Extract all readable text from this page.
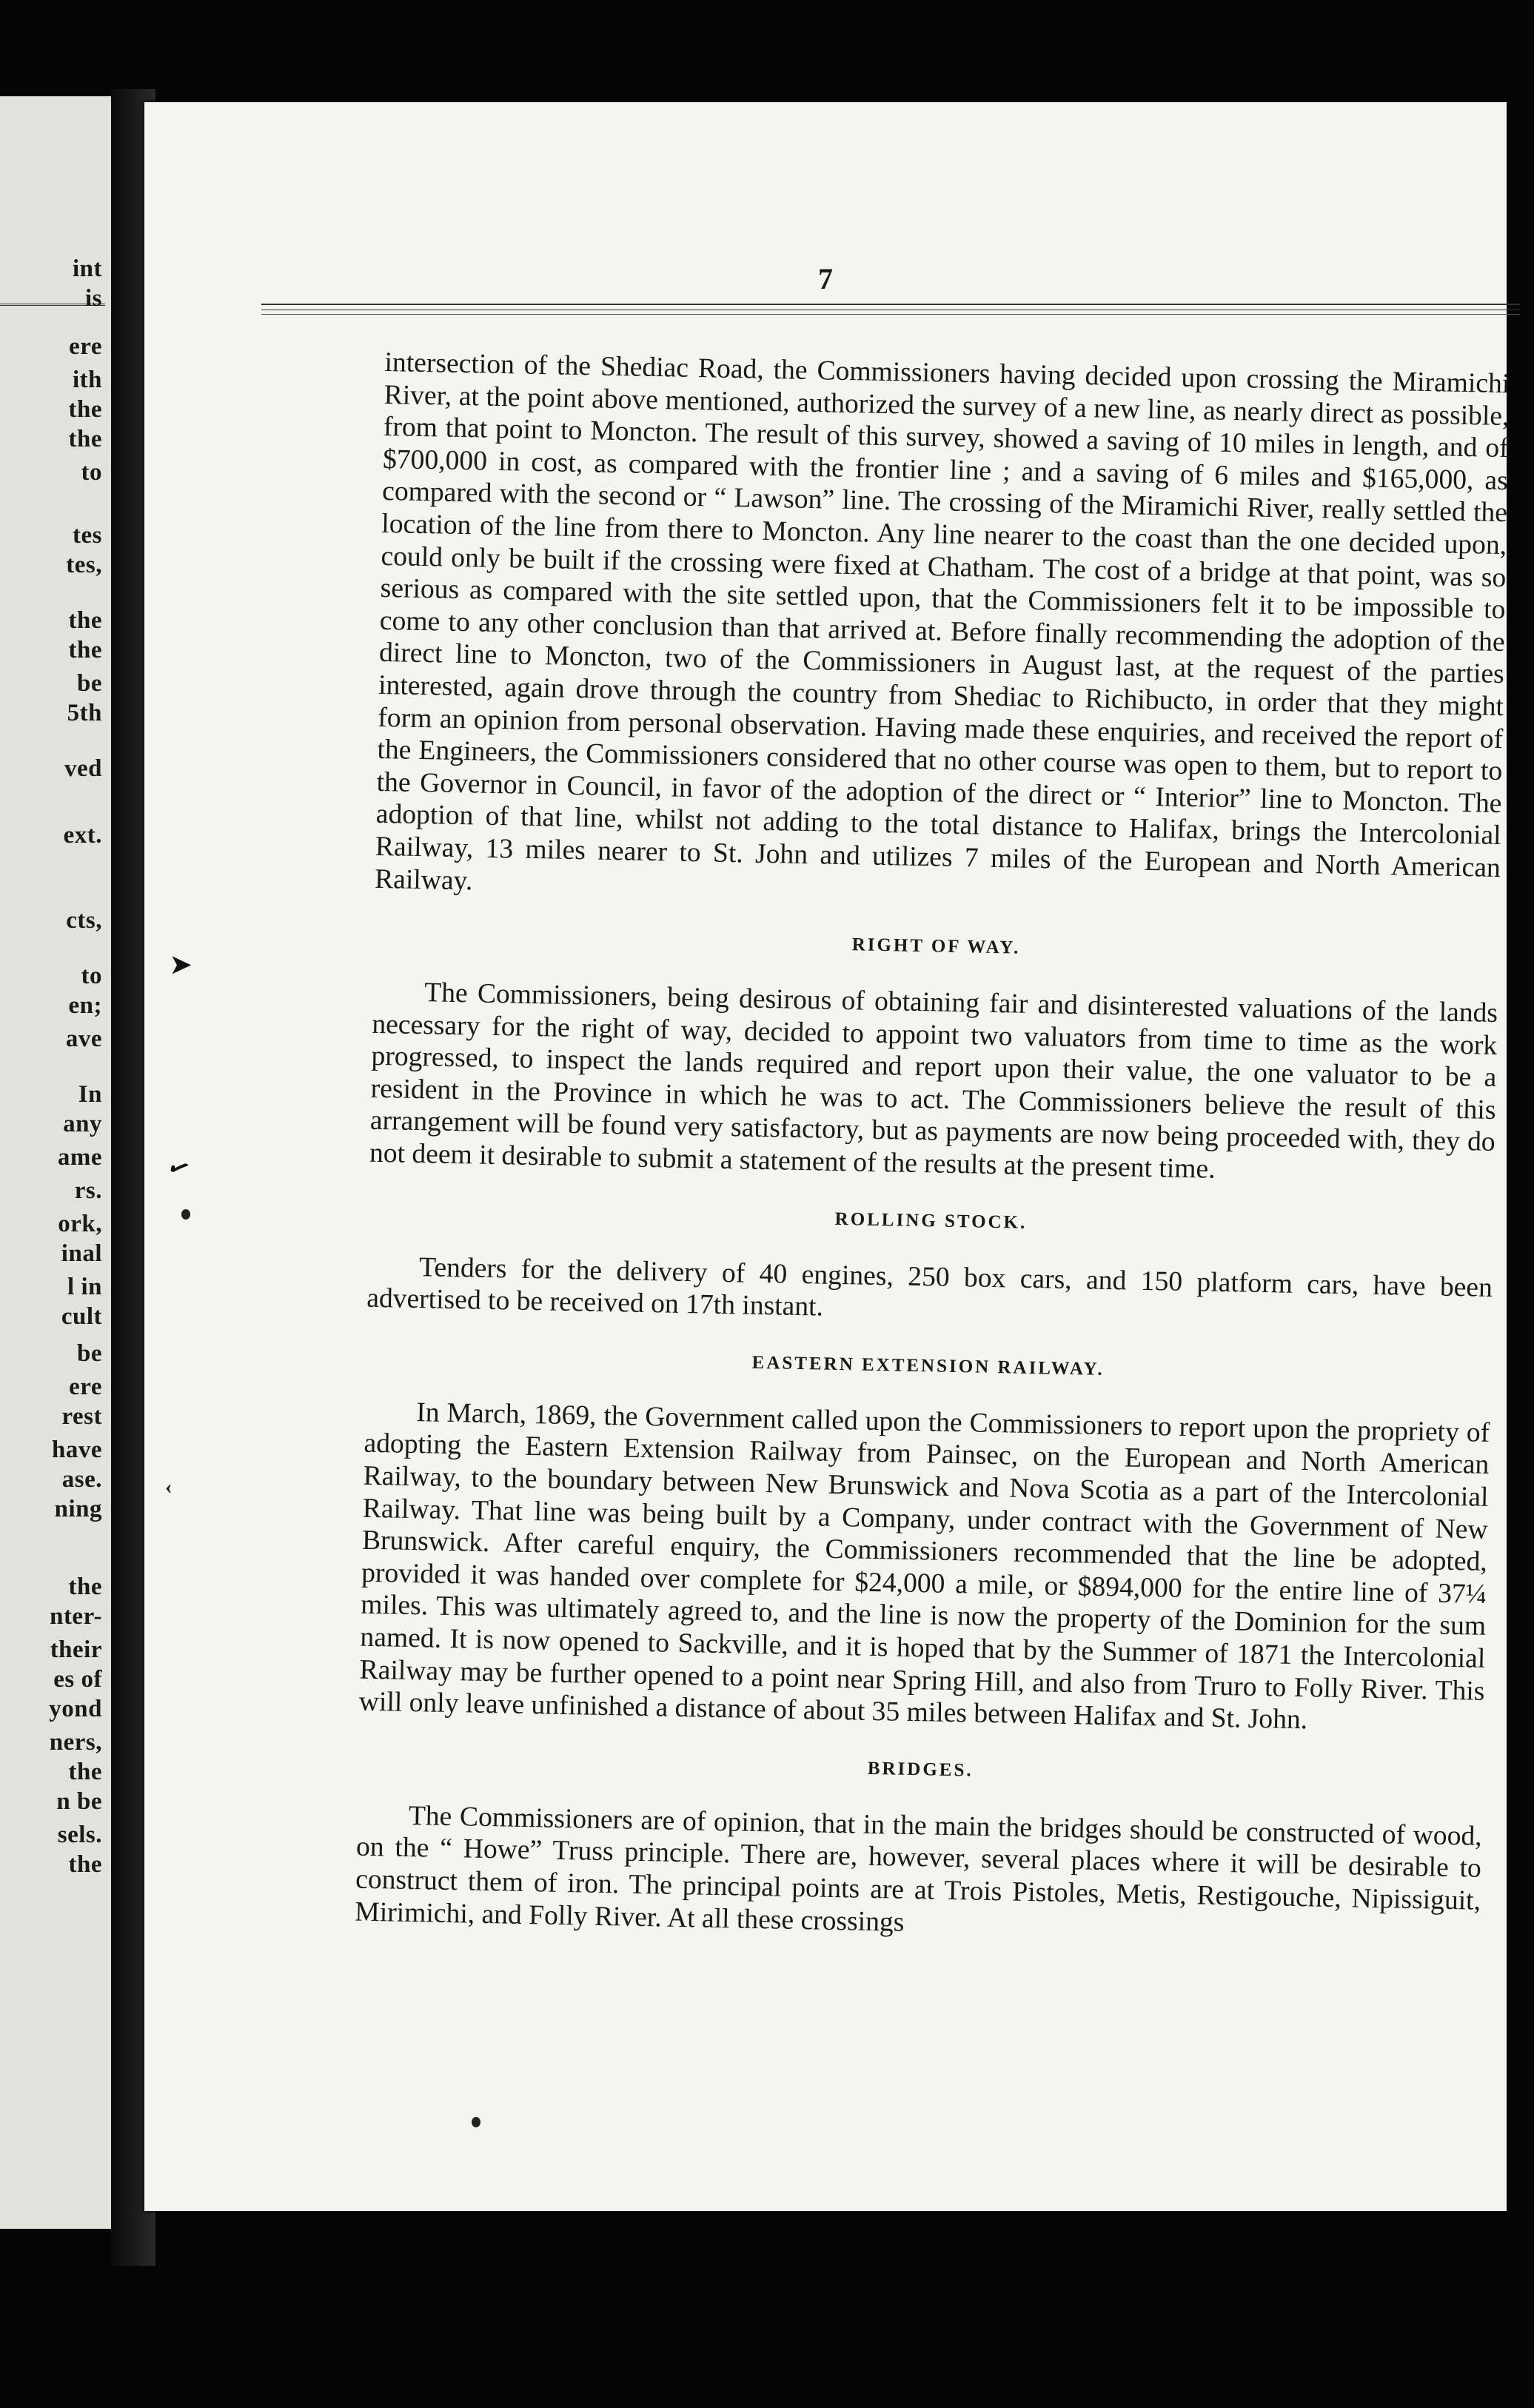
int
is
ere
ith
the
the
to
tes
tes,
the
the
be
5th
ved
ext.
cts,
to
en;
ave
In
any
ame
rs.
ork,
inal
l in
cult
be
ere
rest
have
ase.
ning
the
nter-
their
es of
yond
ners,
the
n be
sels.
the
7

intersection of the Shediac Road, the Commissioners having decided upon crossing the Miramichi River, at the point above mentioned, authorized the survey of a new line, as nearly direct as possible, from that point to Moncton. The result of this survey, showed a saving of 10 miles in length, and of $700,000 in cost, as compared with the frontier line ; and a saving of 6 miles and $165,000, as compared with the second or “ Lawson” line. The crossing of the Miramichi River, really settled the location of the line from there to Moncton. Any line nearer to the coast than the one decided upon, could only be built if the crossing were fixed at Chatham. The cost of a bridge at that point, was so serious as compared with the site settled upon, that the Commissioners felt it to be impossible to come to any other conclusion than that arrived at. Before finally recommending the adoption of the direct line to Moncton, two of the Commissioners in August last, at the request of the parties interested, again drove through the country from Shediac to Richibucto, in order that they might form an opinion from personal observation. Having made these enquiries, and received the report of the Engineers, the Commissioners considered that no other course was open to them, but to report to the Governor in Council, in favor of the adoption of the direct or “ Interior” line to Moncton. The adoption of that line, whilst not adding to the total distance to Halifax, brings the Intercolonial Railway, 13 miles nearer to St. John and utilizes 7 miles of the European and North American Railway.

RIGHT OF WAY.

The Commissioners, being desirous of obtaining fair and disinterested valuations of the lands necessary for the right of way, decided to appoint two valuators from time to time as the work progressed, to inspect the lands required and report upon their value, the one valuator to be a resident in the Province in which he was to act. The Commissioners believe the result of this arrangement will be found very satisfactory, but as payments are now being proceeded with, they do not deem it desirable to submit a statement of the results at the present time.

ROLLING STOCK.

Tenders for the delivery of 40 engines, 250 box cars, and 150 platform cars, have been advertised to be received on 17th instant.

EASTERN EXTENSION RAILWAY.

In March, 1869, the Government called upon the Commissioners to report upon the propriety of adopting the Eastern Extension Railway from Painsec, on the European and North American Railway, to the boundary between New Brunswick and Nova Scotia as a part of the Intercolonial Railway. That line was being built by a Company, under contract with the Government of New Brunswick. After careful enquiry, the Commissioners recommended that the line be adopted, provided it was handed over complete for $24,000 a mile, or $894,000 for the entire line of 37¼ miles. This was ultimately agreed to, and the line is now the property of the Dominion for the sum named. It is now opened to Sackville, and it is hoped that by the Summer of 1871 the Intercolonial Railway may be further opened to a point near Spring Hill, and also from Truro to Folly River. This will only leave unfinished a distance of about 35 miles between Halifax and St. John.

BRIDGES.

The Commissioners are of opinion, that in the main the bridges should be constructed of wood, on the “ Howe” Truss principle. There are, however, several places where it will be desirable to construct them of iron. The principal points are at Trois Pistoles, Metis, Restigouche, Nipissiguit, Mirimichi, and Folly River. At all these crossings

➤
✓
‹
